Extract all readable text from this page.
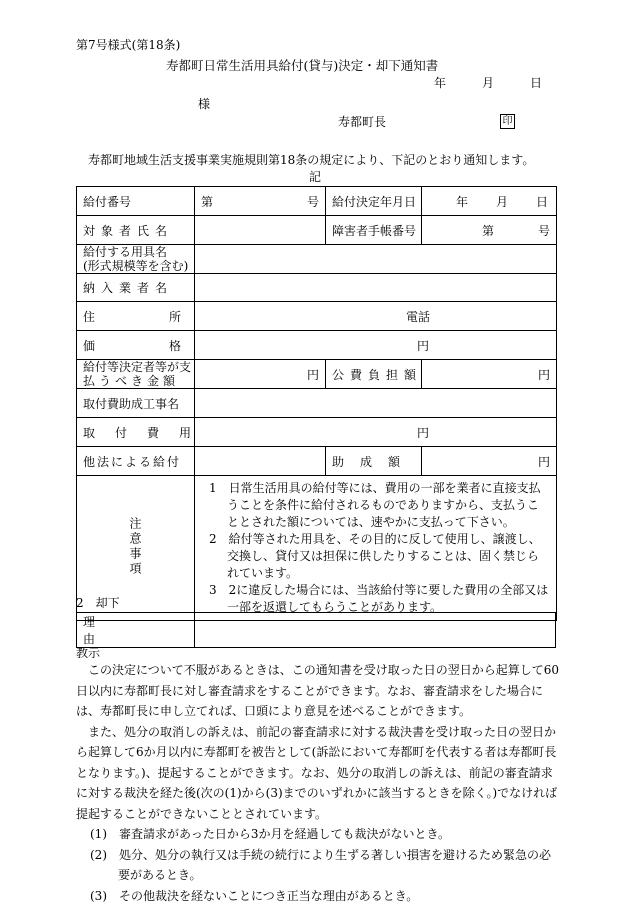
第7号様式(第18条)
寿都町日常生活用具給付(貸与)決定・却下通知書
年	月	日
様
寿都町長	印
寿都町地域生活支援事業実施規則第18条の規定により、下記のとおり通知します。
記
給付番号	第 号	給付決定年月日	年 月 日

対象者氏名		障害者手帳番号	第 号

給付する用具名
(形式規模等を含む)			

納入業者名			

住所	電話		
価格	円		

給付等決定者等が支
払うべき金額	円	公費負担額	円
取付費助成工事名			
取付費用	円		
他法による給付		助成額	円
注意事項	1　日常生活用具の給付等には、費用の一部を業者に直接支払うことを条件に給付されるものでありますから、支払うこととされた額については、速やかに支払って下さい。
2　給付等された用具を、その目的に反して使用し、譲渡し、交換し、貸付又は担保に供したりすることは、固く禁じられています。
3　2に違反した場合には、当該給付等に要した費用の全部又は一部を返還してもらうことがあります。		
2　却下
理由	
教示

この決定について不服があるときは、この通知書を受け取った日の翌日から起算して60日以内に寿都町長に対し審査請求をすることができます。なお、審査請求をした場合には、寿都町長に申し立てれば、口頭により意見を述べることができます。

また、処分の取消しの訴えは、前記の審査請求に対する裁決書を受け取った日の翌日から起算して6か月以内に寿都町を被告として(訴訟において寿都町を代表する者は寿都町長となります。)、提起することができます。なお、処分の取消しの訴えは、前記の審査請求に対する裁決を経た後(次の(1)から(3)までのいずれかに該当するときを除く。)でなければ提起することができないこととされています。

(1)　審査請求があった日から3か月を経過しても裁決がないとき。

(2)　処分、処分の執行又は手続の続行により生ずる著しい損害を避けるため緊急の必要があるとき。

(3)　その他裁決を経ないことにつき正当な理由があるとき。
